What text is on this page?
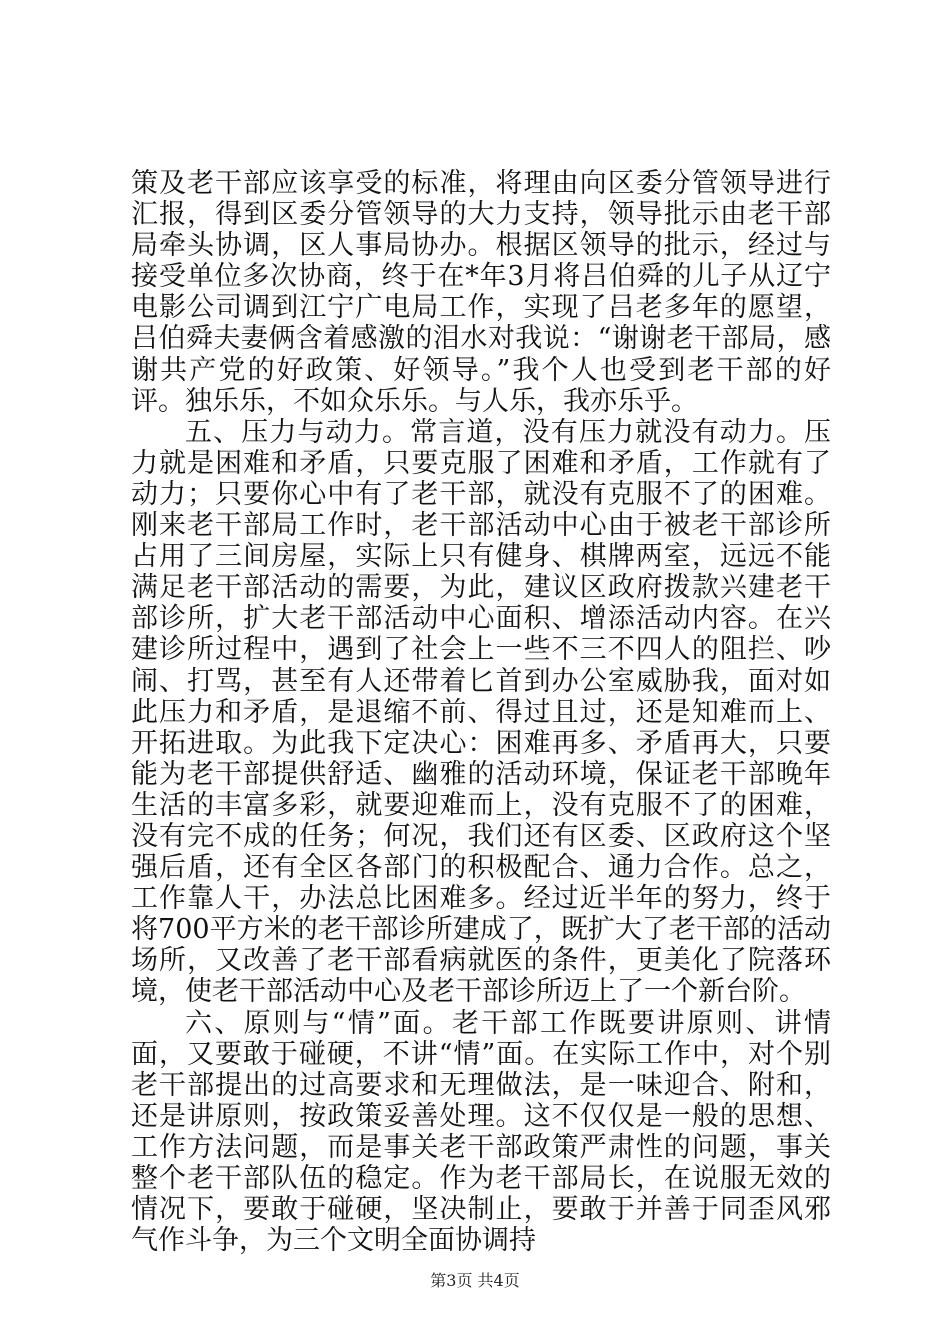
策及老干部应该享受的标准，将理由向区委分管领导进行汇报，得到区委分管领导的大力支持，领导批示由老干部局牵头协调，区人事局协办。根据区领导的批示，经过与接受单位多次协商，终于在*年3月将吕伯舜的儿子从辽宁电影公司调到江宁广电局工作，实现了吕老多年的愿望，吕伯舜夫妻俩含着感激的泪水对我说：“谢谢老干部局，感谢共产党的好政策、好领导。”我个人也受到老干部的好评。独乐乐，不如众乐乐。与人乐，我亦乐乎。

五、压力与动力。常言道，没有压力就没有动力。压力就是困难和矛盾，只要克服了困难和矛盾，工作就有了动力；只要你心中有了老干部，就没有克服不了的困难。刚来老干部局工作时，老干部活动中心由于被老干部诊所占用了三间房屋，实际上只有健身、棋牌两室，远远不能满足老干部活动的需要，为此，建议区政府拨款兴建老干部诊所，扩大老干部活动中心面积、增添活动内容。在兴建诊所过程中，遇到了社会上一些不三不四人的阻拦、吵闹、打骂，甚至有人还带着匕首到办公室威胁我，面对如此压力和矛盾，是退缩不前、得过且过，还是知难而上、开拓进取。为此我下定决心：困难再多、矛盾再大，只要能为老干部提供舒适、幽雅的活动环境，保证老干部晚年生活的丰富多彩，就要迎难而上，没有克服不了的困难，没有完不成的任务；何况，我们还有区委、区政府这个坚强后盾，还有全区各部门的积极配合、通力合作。总之，工作靠人干，办法总比困难多。经过近半年的努力，终于将700平方米的老干部诊所建成了，既扩大了老干部的活动场所，又改善了老干部看病就医的条件，更美化了院落环境，使老干部活动中心及老干部诊所迈上了一个新台阶。

六、原则与“情”面。老干部工作既要讲原则、讲情面，又要敢于碰硬，不讲“情”面。在实际工作中，对个别老干部提出的过高要求和无理做法，是一味迎合、附和，还是讲原则，按政策妥善处理。这不仅仅是一般的思想、工作方法问题，而是事关老干部政策严肃性的问题，事关整个老干部队伍的稳定。作为老干部局长，在说服无效的情况下，要敢于碰硬，坚决制止，要敢于并善于同歪风邪气作斗争，为三个文明全面协调持

第3页 共4页
